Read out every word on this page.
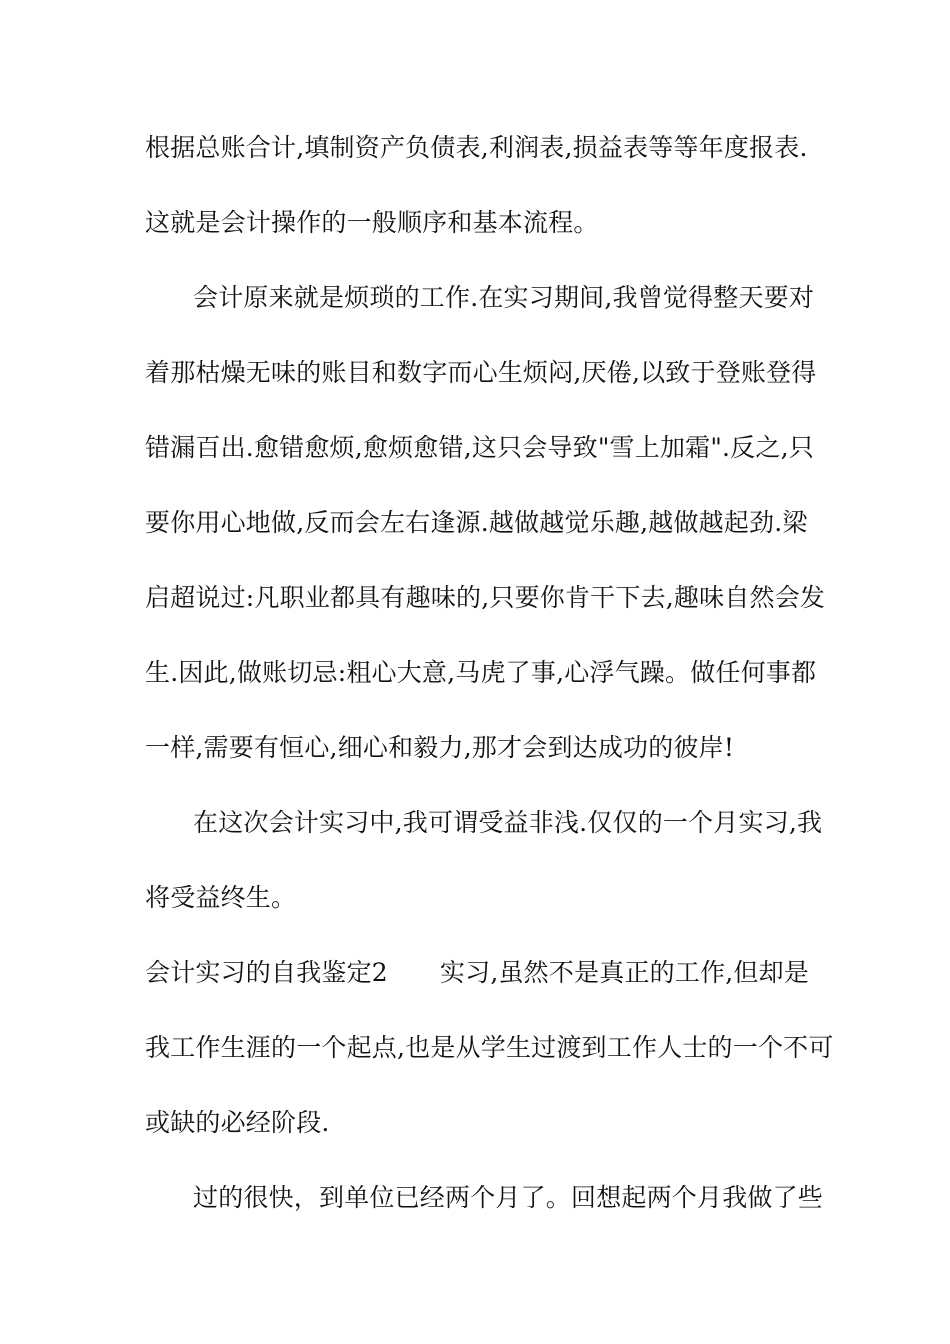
根据总账合计,填制资产负债表,利润表,损益表等等年度报表.
这就是会计操作的一般顺序和基本流程。
会计原来就是烦琐的工作.在实习期间,我曾觉得整天要对
着那枯燥无味的账目和数字而心生烦闷,厌倦,以致于登账登得
错漏百出.愈错愈烦,愈烦愈错,这只会导致"雪上加霜".反之,只
要你用心地做,反而会左右逢源.越做越觉乐趣,越做越起劲.梁
启超说过:凡职业都具有趣味的,只要你肯干下去,趣味自然会发
生.因此,做账切忌:粗心大意,马虎了事,心浮气躁。做任何事都
一样,需要有恒心,细心和毅力,那才会到达成功的彼岸!
在这次会计实习中,我可谓受益非浅.仅仅的一个月实习,我
将受益终生。
会计实习的自我鉴定2 实习,虽然不是真正的工作,但却是
我工作生涯的一个起点,也是从学生过渡到工作人士的一个不可
或缺的必经阶段.
过的很快，到单位已经两个月了。回想起两个月我做了些
